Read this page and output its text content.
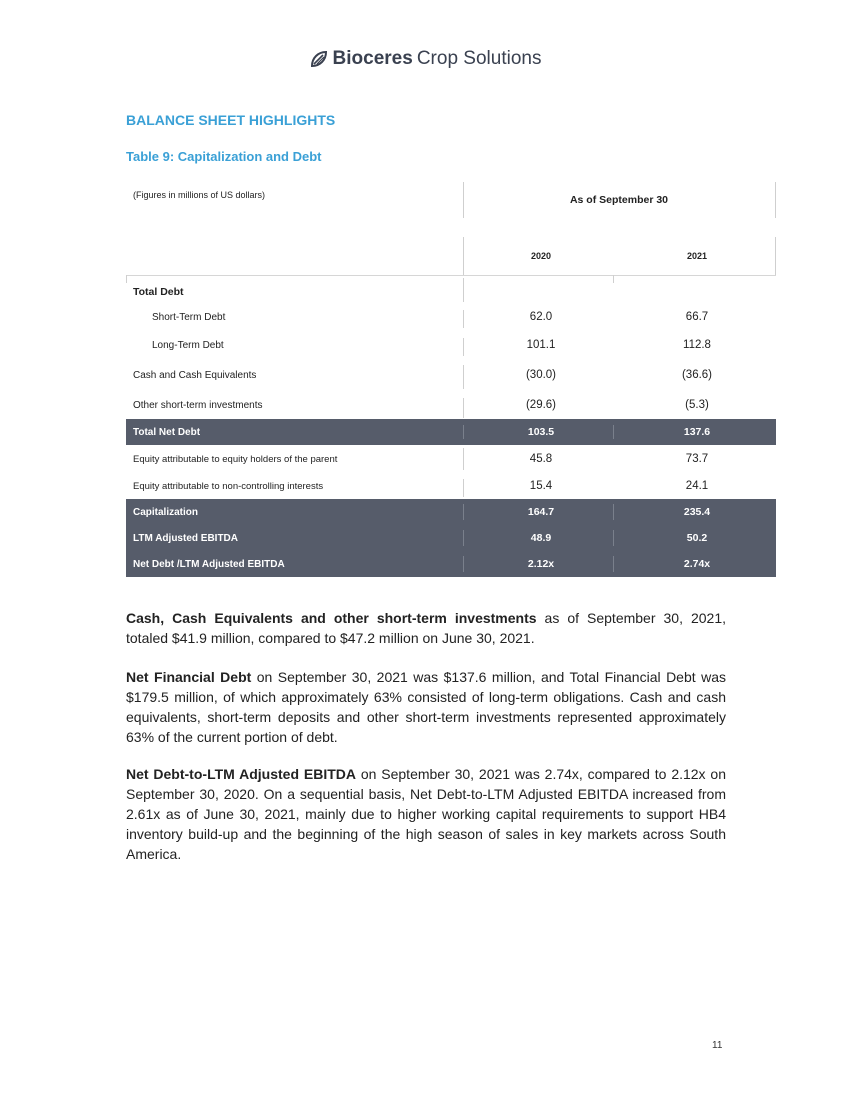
Bioceres Crop Solutions
BALANCE SHEET HIGHLIGHTS
Table 9: Capitalization and Debt
(Figures in millions of US dollars)	As of September 30
2020	2021
Total Debt
Short-Term Debt	62.0	66.7
Long-Term Debt	101.1	112.8
Cash and Cash Equivalents	(30.0)	(36.6)
Other short-term investments	(29.6)	(5.3)
Total Net Debt	103.5	137.6
Equity attributable to equity holders of the parent	45.8	73.7
Equity attributable to non-controlling interests	15.4	24.1
Capitalization	164.7	235.4
LTM Adjusted EBITDA	48.9	50.2
Net Debt /LTM Adjusted EBITDA	2.12x	2.74x

Cash, Cash Equivalents and other short-term investments as of September 30, 2021, totaled $41.9 million, compared to $47.2 million on June 30, 2021.

Net Financial Debt on September 30, 2021 was $137.6 million, and Total Financial Debt was $179.5 million, of which approximately 63% consisted of long-term obligations. Cash and cash equivalents, short-term deposits and other short-term investments represented approximately 63% of the current portion of debt.

Net Debt-to-LTM Adjusted EBITDA on September 30, 2021 was 2.74x, compared to 2.12x on September 30, 2020. On a sequential basis, Net Debt-to-LTM Adjusted EBITDA increased from 2.61x as of June 30, 2021, mainly due to higher working capital requirements to support HB4 inventory build-up and the beginning of the high season of sales in key markets across South America.

11
